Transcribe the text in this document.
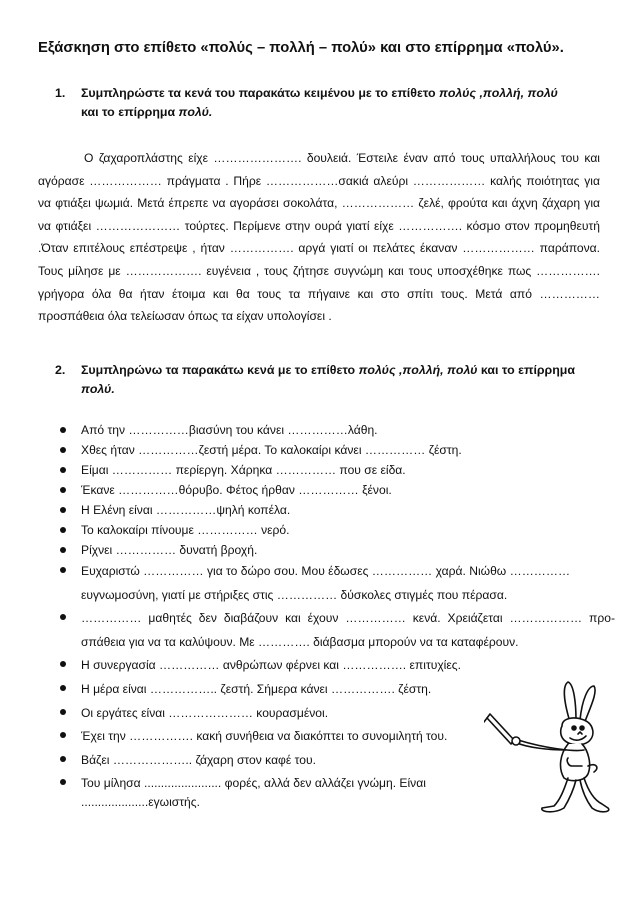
Εξάσκηση στο επίθετο «πολύς – πολλή – πολύ» και στο επίρρημα «πολύ».
1. Συμπληρώστε τα κενά του παρακάτω κειμένου με το επίθετο πολύς ,πολλή, πολύ
και το επίρρημα πολύ.
Ο ζαχαροπλάστης είχε …………………. δουλειά. Έστειλε έναν από τους υπαλλήλους του και αγόρασε ……………… πράγματα . Πήρε ………………σακιά αλεύρι ……………… καλής ποιότητας για να φτιάξει ψωμιά. Μετά έπρεπε να αγοράσει σοκολάτα, ……………… ζελέ, φρούτα και άχνη ζάχαρη για να φτιάξει ………………… τούρτες. Περίμενε στην ουρά γιατί είχε ……………. κόσμο στον προμηθευτή .Όταν επιτέλους επέστρεψε , ήταν ……………. αργά γιατί οι πελάτες έκαναν ……………… παράπονα. Τους μίλησε με ………………. ευγένεια , τους ζήτησε συγνώμη και τους υποσχέθηκε πως ……………. γρήγορα όλα θα ήταν έτοιμα και θα τους τα πήγαινε και στο σπίτι τους. Μετά από …………… προσπάθεια όλα τελείωσαν όπως τα είχαν υπολογίσει .
2. Συμπληρώνω τα παρακάτω κενά με το επίθετο πολύς ,πολλή, πολύ και το επίρρημα
πολύ.
Από την ……………βιασύνη του κάνει ……………λάθη.
Χθες ήταν ……………ζεστή μέρα. Το καλοκαίρι κάνει …………… ζέστη.
Είμαι …………… περίεργη. Χάρηκα …………… που σε είδα.
Έκανε ……………θόρυβο. Φέτος ήρθαν …………… ξένοι.
Η Ελένη είναι ……………ψηλή κοπέλα.
Το καλοκαίρι πίνουμε …………… νερό.
Ρίχνει …………… δυνατή βροχή.
Ευχαριστώ …………… για το δώρο σου. Μου έδωσες …………… χαρά. Νιώθω …………… ευγνωμοσύνη, γιατί με στήριξες στις …………… δύσκολες στιγμές που πέρασα.
…………… μαθητές δεν διαβάζουν και έχουν …………… κενά. Χρειάζεται ……………… προ-σπάθεια για να τα καλύψουν. Με …………. διάβασμα μπορούν να τα καταφέρουν.
Η συνεργασία …………… ανθρώπων φέρνει και ……………. επιτυχίες.
Η μέρα είναι …………….. ζεστή. Σήμερα κάνει ……………. ζέστη.
Οι εργάτες είναι ………………… κουρασμένοι.
Έχει την ……………. κακή συνήθεια να διακόπτει το συνομιλητή του.
Βάζει ……………….. ζάχαρη στον καφέ του.
Του μίλησα ....................... φορές, αλλά δεν αλλάζει γνώμη. Είναι
....................εγωιστής.
